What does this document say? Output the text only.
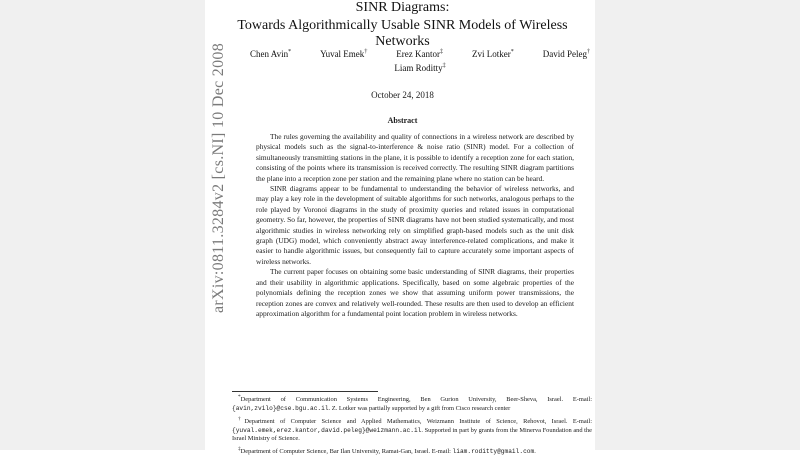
arXiv:0811.3284v2 [cs.NI] 10 Dec 2008
SINR Diagrams:
Towards Algorithmically Usable SINR Models of Wireless Networks
Chen Avin*	Yuval Emek†	Erez Kantor‡	Zvi Lotker*	David Peleg†
Liam Roditty‡
October 24, 2018
Abstract

The rules governing the availability and quality of connections in a wireless network are described by physical models such as the signal-to-interference & noise ratio (SINR) model. For a collection of simultaneously transmitting stations in the plane, it is possible to identify a reception zone for each station, consisting of the points where its transmission is received correctly. The resulting SINR diagram partitions the plane into a reception zone per station and the remaining plane where no station can be heard.

SINR diagrams appear to be fundamental to understanding the behavior of wireless networks, and may play a key role in the development of suitable algorithms for such networks, analogous perhaps to the role played by Voronoi diagrams in the study of proximity queries and related issues in computational geometry. So far, however, the properties of SINR diagrams have not been studied systematically, and most algorithmic studies in wireless networking rely on simplified graph-based models such as the unit disk graph (UDG) model, which conveniently abstract away interference-related complications, and make it easier to handle algorithmic issues, but consequently fail to capture accurately some important aspects of wireless networks.

The current paper focuses on obtaining some basic understanding of SINR diagrams, their properties and their usability in algorithmic applications. Specifically, based on some algebraic properties of the polynomials defining the reception zones we show that assuming uniform power transmissions, the reception zones are convex and relatively well-rounded. These results are then used to develop an efficient approximation algorithm for a fundamental point location problem in wireless networks.

*Department of Communication Systems Engineering, Ben Gurion University, Beer-Sheva, Israel. E-mail:{avin,zvilo}@cse.bgu.ac.il. Z. Lotker was partially supported by a gift from Cisco research center

†Department of Computer Science and Applied Mathematics, Weizmann Institute of Science, Rehovot, Israel. E-mail: {yuval.emek,erez.kantor,david.peleg}@weizmann.ac.il. Supported in part by grants from the Minerva Foundation and the Israel Ministry of Science.

‡Department of Computer Science, Bar Ilan University, Ramat-Gan, Israel. E-mail: liam.roditty@gmail.com.
